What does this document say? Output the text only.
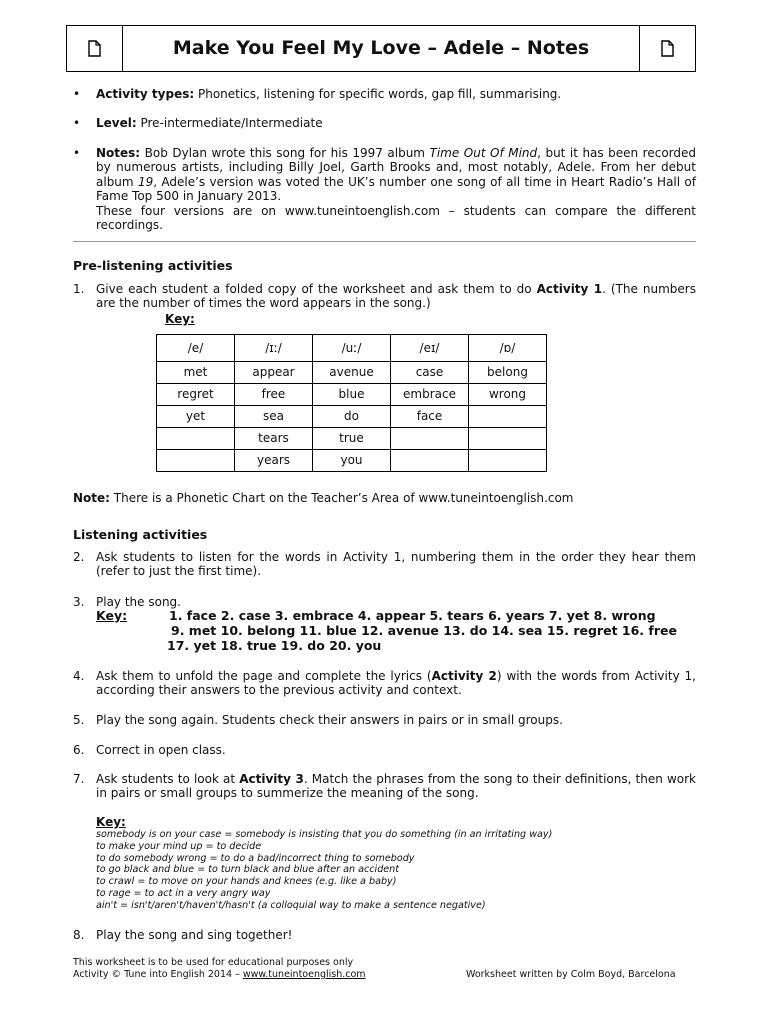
Make You Feel My Love – Adele – Notes
• Activity types: Phonetics, listening for specific words, gap fill, summarising.
• Level: Pre-intermediate/Intermediate
• Notes: Bob Dylan wrote this song for his 1997 album Time Out Of Mind, but it has been recorded by numerous artists, including Billy Joel, Garth Brooks and, most notably, Adele. From her debut album 19, Adele’s version was voted the UK’s number one song of all time in Heart Radio’s Hall of Fame Top 500 in January 2013.
These four versions are on www.tuneintoenglish.com – students can compare the different recordings.
Pre-listening activities
1. Give each student a folded copy of the worksheet and ask them to do Activity 1. (The numbers are the number of times the word appears in the song.)
Key:
/e/	/ɪː/	/uː/	/eɪ/	/ɒ/
met	appear	avenue	case	belong
regret	free	blue	embrace	wrong
yet	sea	do	face	
	tears	true		
	years	you		
Note: There is a Phonetic Chart on the Teacher’s Area of www.tuneintoenglish.com
Listening activities
2. Ask students to listen for the words in Activity 1, numbering them in the order they hear them (refer to just the first time).
3. Play the song.
Key:	1. face 2. case 3. embrace 4. appear 5. tears 6. years 7. yet 8. wrong
9. met 10. belong 11. blue 12. avenue 13. do 14. sea 15. regret 16. free
17. yet 18. true 19. do 20. you
4. Ask them to unfold the page and complete the lyrics (Activity 2) with the words from Activity 1, according their answers to the previous activity and context.
5. Play the song again. Students check their answers in pairs or in small groups.
6. Correct in open class.
7. Ask students to look at Activity 3. Match the phrases from the song to their definitions, then work in pairs or small groups to summerize the meaning of the song.
Key:
somebody is on your case = somebody is insisting that you do something (in an irritating way)
to make your mind up = to decide
to do somebody wrong = to do a bad/incorrect thing to somebody
to go black and blue = to turn black and blue after an accident
to crawl = to move on your hands and knees (e.g. like a baby)
to rage = to act in a very angry way
ain't = isn't/aren't/haven't/hasn't (a colloquial way to make a sentence negative)
8. Play the song and sing together!
This worksheet is to be used for educational purposes only
Activity © Tune into English 2014 – www.tuneintoenglish.com	Worksheet written by Colm Boyd, Barcelona
